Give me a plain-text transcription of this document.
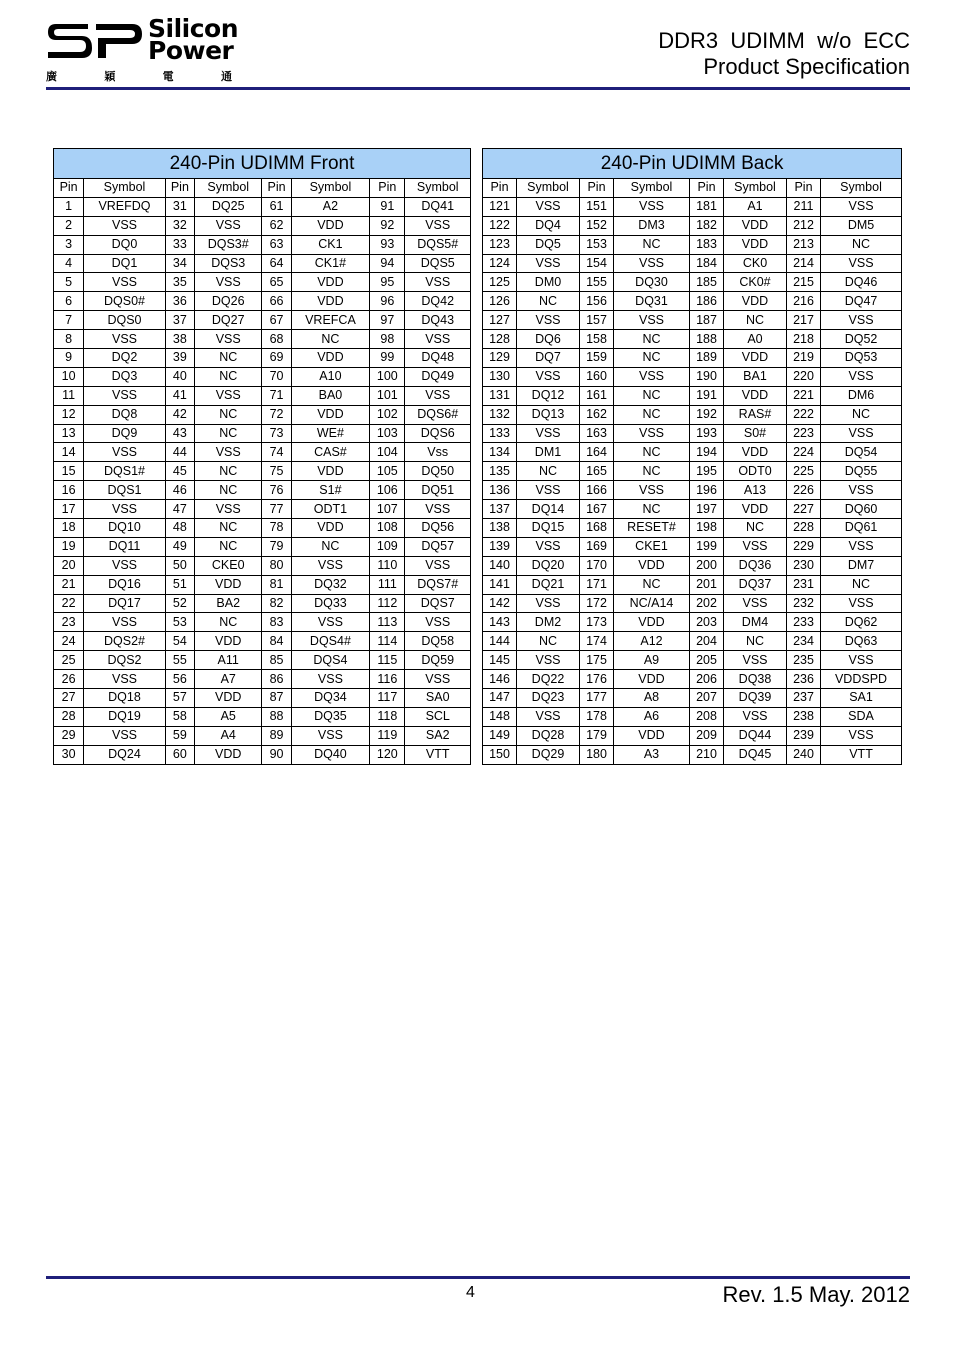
Silicon
Power
廣	穎	電	通
DDR3  UDIMM  w/o  ECC
Product Specification
240-Pin UDIMM Front							
Pin	Symbol	Pin	Symbol	Pin	Symbol	Pin	Symbol
1	VREFDQ	31	DQ25	61	A2	91	DQ41
2	VSS	32	VSS	62	VDD	92	VSS
3	DQ0	33	DQS3#	63	CK1	93	DQS5#
4	DQ1	34	DQS3	64	CK1#	94	DQS5
5	VSS	35	VSS	65	VDD	95	VSS
6	DQS0#	36	DQ26	66	VDD	96	DQ42
7	DQS0	37	DQ27	67	VREFCA	97	DQ43
8	VSS	38	VSS	68	NC	98	VSS
9	DQ2	39	NC	69	VDD	99	DQ48
10	DQ3	40	NC	70	A10	100	DQ49
11	VSS	41	VSS	71	BA0	101	VSS
12	DQ8	42	NC	72	VDD	102	DQS6#
13	DQ9	43	NC	73	WE#	103	DQS6
14	VSS	44	VSS	74	CAS#	104	Vss
15	DQS1#	45	NC	75	VDD	105	DQ50
16	DQS1	46	NC	76	S1#	106	DQ51
17	VSS	47	VSS	77	ODT1	107	VSS
18	DQ10	48	NC	78	VDD	108	DQ56
19	DQ11	49	NC	79	NC	109	DQ57
20	VSS	50	CKE0	80	VSS	110	VSS
21	DQ16	51	VDD	81	DQ32	111	DQS7#
22	DQ17	52	BA2	82	DQ33	112	DQS7
23	VSS	53	NC	83	VSS	113	VSS
24	DQS2#	54	VDD	84	DQS4#	114	DQ58
25	DQS2	55	A11	85	DQS4	115	DQ59
26	VSS	56	A7	86	VSS	116	VSS
27	DQ18	57	VDD	87	DQ34	117	SA0
28	DQ19	58	A5	88	DQ35	118	SCL
29	VSS	59	A4	89	VSS	119	SA2
30	DQ24	60	VDD	90	DQ40	120	VTT
240-Pin UDIMM Back							
Pin	Symbol	Pin	Symbol	Pin	Symbol	Pin	Symbol
121	VSS	151	VSS	181	A1	211	VSS
122	DQ4	152	DM3	182	VDD	212	DM5
123	DQ5	153	NC	183	VDD	213	NC
124	VSS	154	VSS	184	CK0	214	VSS
125	DM0	155	DQ30	185	CK0#	215	DQ46
126	NC	156	DQ31	186	VDD	216	DQ47
127	VSS	157	VSS	187	NC	217	VSS
128	DQ6	158	NC	188	A0	218	DQ52
129	DQ7	159	NC	189	VDD	219	DQ53
130	VSS	160	VSS	190	BA1	220	VSS
131	DQ12	161	NC	191	VDD	221	DM6
132	DQ13	162	NC	192	RAS#	222	NC
133	VSS	163	VSS	193	S0#	223	VSS
134	DM1	164	NC	194	VDD	224	DQ54
135	NC	165	NC	195	ODT0	225	DQ55
136	VSS	166	VSS	196	A13	226	VSS
137	DQ14	167	NC	197	VDD	227	DQ60
138	DQ15	168	RESET#	198	NC	228	DQ61
139	VSS	169	CKE1	199	VSS	229	VSS
140	DQ20	170	VDD	200	DQ36	230	DM7
141	DQ21	171	NC	201	DQ37	231	NC
142	VSS	172	NC/A14	202	VSS	232	VSS
143	DM2	173	VDD	203	DM4	233	DQ62
144	NC	174	A12	204	NC	234	DQ63
145	VSS	175	A9	205	VSS	235	VSS
146	DQ22	176	VDD	206	DQ38	236	VDDSPD
147	DQ23	177	A8	207	DQ39	237	SA1
148	VSS	178	A6	208	VSS	238	SDA
149	DQ28	179	VDD	209	DQ44	239	VSS
150	DQ29	180	A3	210	DQ45	240	VTT
4	Rev. 1.5 May. 2012
